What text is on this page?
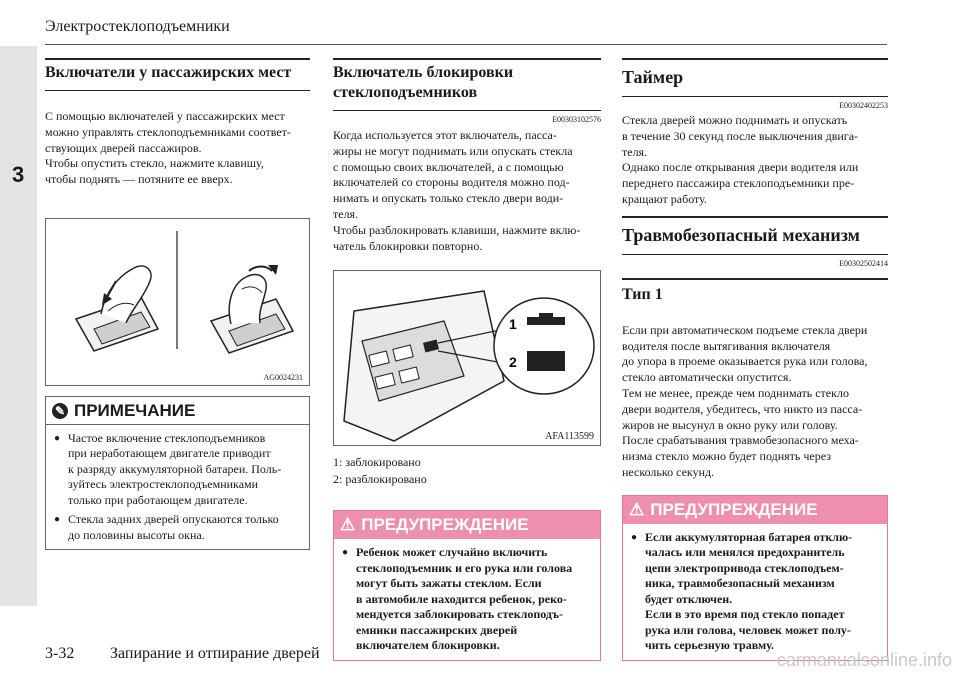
3
Электростеклоподъемники
Включатели у пассажирских мест

С помощью включателей у пассажирских мест
можно управлять стеклоподъемниками соответ-
ствующих дверей пассажиров.
Чтобы опустить стекло, нажмите клавишу,
чтобы поднять — потяните ее вверх.

AG0024231
✎ ПРИМЕЧАНИЕ
● Частое включение стеклоподъемников
при неработающем двигателе приводит
к разряду аккумуляторной батареи. Поль-
зуйтесь электростеклоподъемниками
только при работающем двигателе.
● Стекла задних дверей опускаются только
до половины высоты окна.
Включатель блокировки
стеклоподъемников
E00303102576

Когда используется этот включатель, пасса-
жиры не могут поднимать или опускать стекла
с помощью своих включателей, а с помощью
включателей со стороны водителя можно под-
нимать и опускать только стекло двери води-
теля.
Чтобы разблокировать клавиши, нажмите вклю-
чатель блокировки повторно.

1
2
AFA113599
1: заблокировано
2: разблокировано
⚠ ПРЕДУПРЕЖДЕНИЕ
● Ребенок может случайно включить
стеклоподъемник и его рука или голова
могут быть зажаты стеклом. Если
в автомобиле находится ребенок, реко-
мендуется заблокировать стеклоподъ-
емники пассажирских дверей
включателем блокировки.
Таймер
E00302402253

Стекла дверей можно поднимать и опускать
в течение 30 секунд после выключения двига-
теля.
Однако после открывания двери водителя или
переднего пассажира стеклоподъемники пре-
кращают работу.

Травмобезопасный механизм
E00302502414
Тип 1

Если при автоматическом подъеме стекла двери
водителя после вытягивания включателя
до упора в проеме оказывается рука или голова,
стекло автоматически опустится.
Тем не менее, прежде чем поднимать стекло
двери водителя, убедитесь, что никто из пасса-
жиров не высунул в окно руку или голову.
После срабатывания травмобезопасного меха-
низма стекло можно будет поднять через
несколько секунд.

⚠ ПРЕДУПРЕЖДЕНИЕ
● Если аккумуляторная батарея отклю-
чалась или менялся предохранитель
цепи электропривода стеклоподъем-
ника, травмобезопасный механизм
будет отключен.
Если в это время под стекло попадет
рука или голова, человек может полу-
чить серьезную травму.
3-32 Запирание и отпирание дверей	carmanualsonline.info
